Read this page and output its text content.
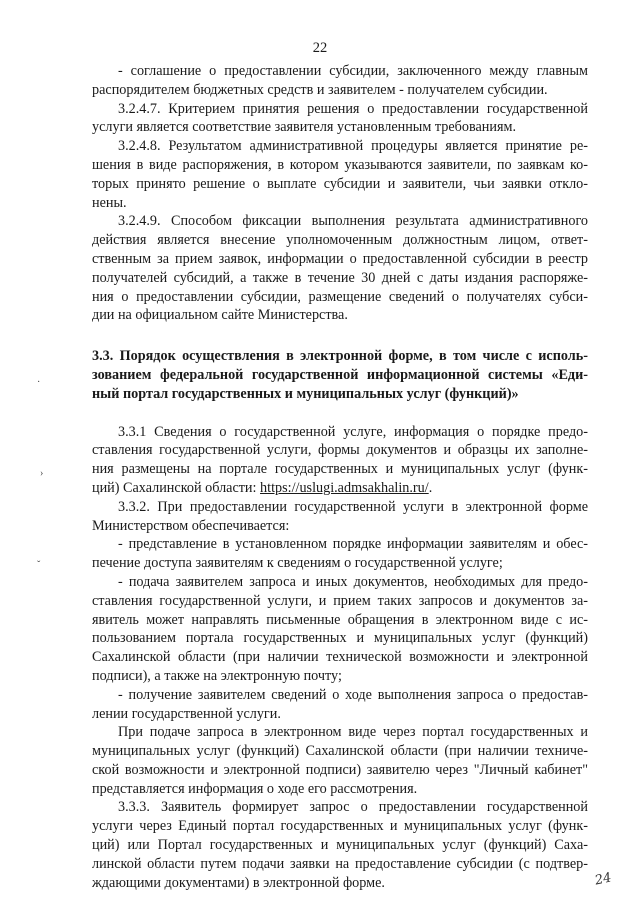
22
- соглашение о предоставлении субсидии, заключенного между главным
распорядителем бюджетных средств и заявителем - получателем субсидии.
3.2.4.7. Критерием принятия решения о предоставлении государственной
услуги является соответствие заявителя установленным требованиям.
3.2.4.8. Результатом административной процедуры является принятие ре-
шения в виде распоряжения, в котором указываются заявители, по заявкам ко-
торых принято решение о выплате субсидии и заявители, чьи заявки откло-
нены.
3.2.4.9. Способом фиксации выполнения результата административного
действия является внесение уполномоченным должностным лицом, ответ-
ственным за прием заявок, информации о предоставленной субсидии в реестр
получателей субсидий, а также в течение 30 дней с даты издания распоряже-
ния о предоставлении субсидии, размещение сведений о получателях субси-
дии на официальном сайте Министерства.
3.3. Порядок осуществления в электронной форме, в том числе с исполь-
зованием федеральной государственной информационной системы «Еди-
ный портал государственных и муниципальных услуг (функций)»
3.3.1 Сведения о государственной услуге, информация о порядке предо-
ставления государственной услуги, формы документов и образцы их заполне-
ния размещены на портале государственных и муниципальных услуг (функ-
ций) Сахалинской области: https://uslugi.admsakhalin.ru/.
3.3.2. При предоставлении государственной услуги в электронной форме
Министерством обеспечивается:
- представление в установленном порядке информации заявителям и обес-
печение доступа заявителям к сведениям о государственной услуге;
- подача заявителем запроса и иных документов, необходимых для предо-
ставления государственной услуги, и прием таких запросов и документов за-
явитель может направлять письменные обращения в электронном виде с ис-
пользованием портала государственных и муниципальных услуг (функций)
Сахалинской области (при наличии технической возможности и электронной
подписи), а также на электронную почту;
- получение заявителем сведений о ходе выполнения запроса о предостав-
лении государственной услуги.
При подаче запроса в электронном виде через портал государственных и
муниципальных услуг (функций) Сахалинской области (при наличии техниче-
ской возможности и электронной подписи) заявителю через "Личный кабинет"
представляется информация о ходе его рассмотрения.
3.3.3. Заявитель формирует запрос о предоставлении государственной
услуги через Единый портал государственных и муниципальных услуг (функ-
ций) или Портал государственных и муниципальных услуг (функций) Саха-
линской области путем подачи заявки на предоставление субсидии (с подтвер-
ждающими документами) в электронной форме.
·
›
ˇ
24
